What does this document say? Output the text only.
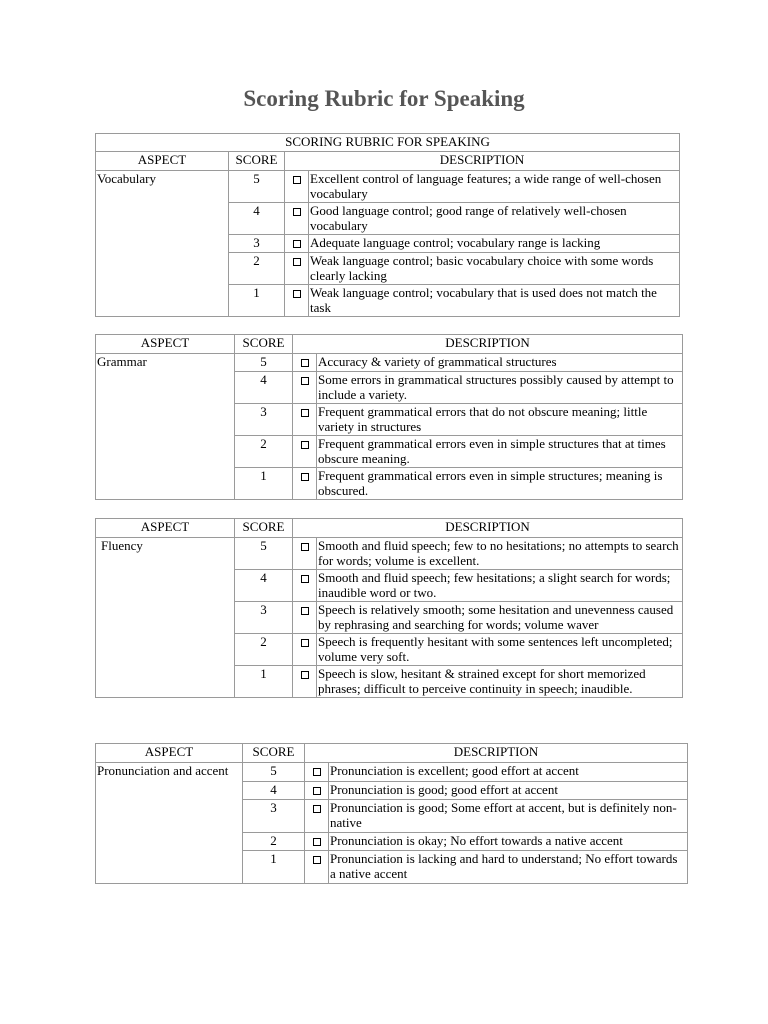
Scoring Rubric for Speaking
SCORING RUBRIC FOR SPEAKING			
ASPECT	SCORE	DESCRIPTION	
Vocabulary	5		Excellent control of language features; a wide range of well-chosen vocabulary
	4		Good language control; good range of relatively well-chosen vocabulary
	3		Adequate language control; vocabulary range is lacking
	2		Weak language control; basic vocabulary choice with some words clearly lacking
	1		Weak language control; vocabulary that is used does not match the task
ASPECT	SCORE	DESCRIPTION	
Grammar	5		Accuracy & variety of grammatical structures
	4		Some errors in grammatical structures possibly caused by attempt to include a variety.
	3		Frequent grammatical errors that do not obscure meaning; little variety in structures
	2		Frequent grammatical errors even in simple structures that at times obscure meaning.
	1		Frequent grammatical errors even in simple structures; meaning is obscured.
ASPECT	SCORE	DESCRIPTION	
Fluency	5		Smooth and fluid speech; few to no hesitations; no attempts to search for words; volume is excellent.
	4		Smooth and fluid speech; few hesitations; a slight search for words; inaudible word or two.
	3		Speech is relatively smooth; some hesitation and unevenness caused by rephrasing and searching for words; volume waver
	2		Speech is frequently hesitant with some sentences left uncompleted; volume very soft.
	1		Speech is slow, hesitant & strained except for short memorized phrases; difficult to perceive continuity in speech; inaudible.
ASPECT	SCORE	DESCRIPTION	
Pronunciation and accent	5		Pronunciation is excellent; good effort at accent
	4		Pronunciation is good; good effort at accent
	3		Pronunciation is good; Some effort at accent, but is definitely non-native
	2		Pronunciation is okay; No effort towards a native accent
	1		Pronunciation is lacking and hard to understand; No effort towards a native accent
